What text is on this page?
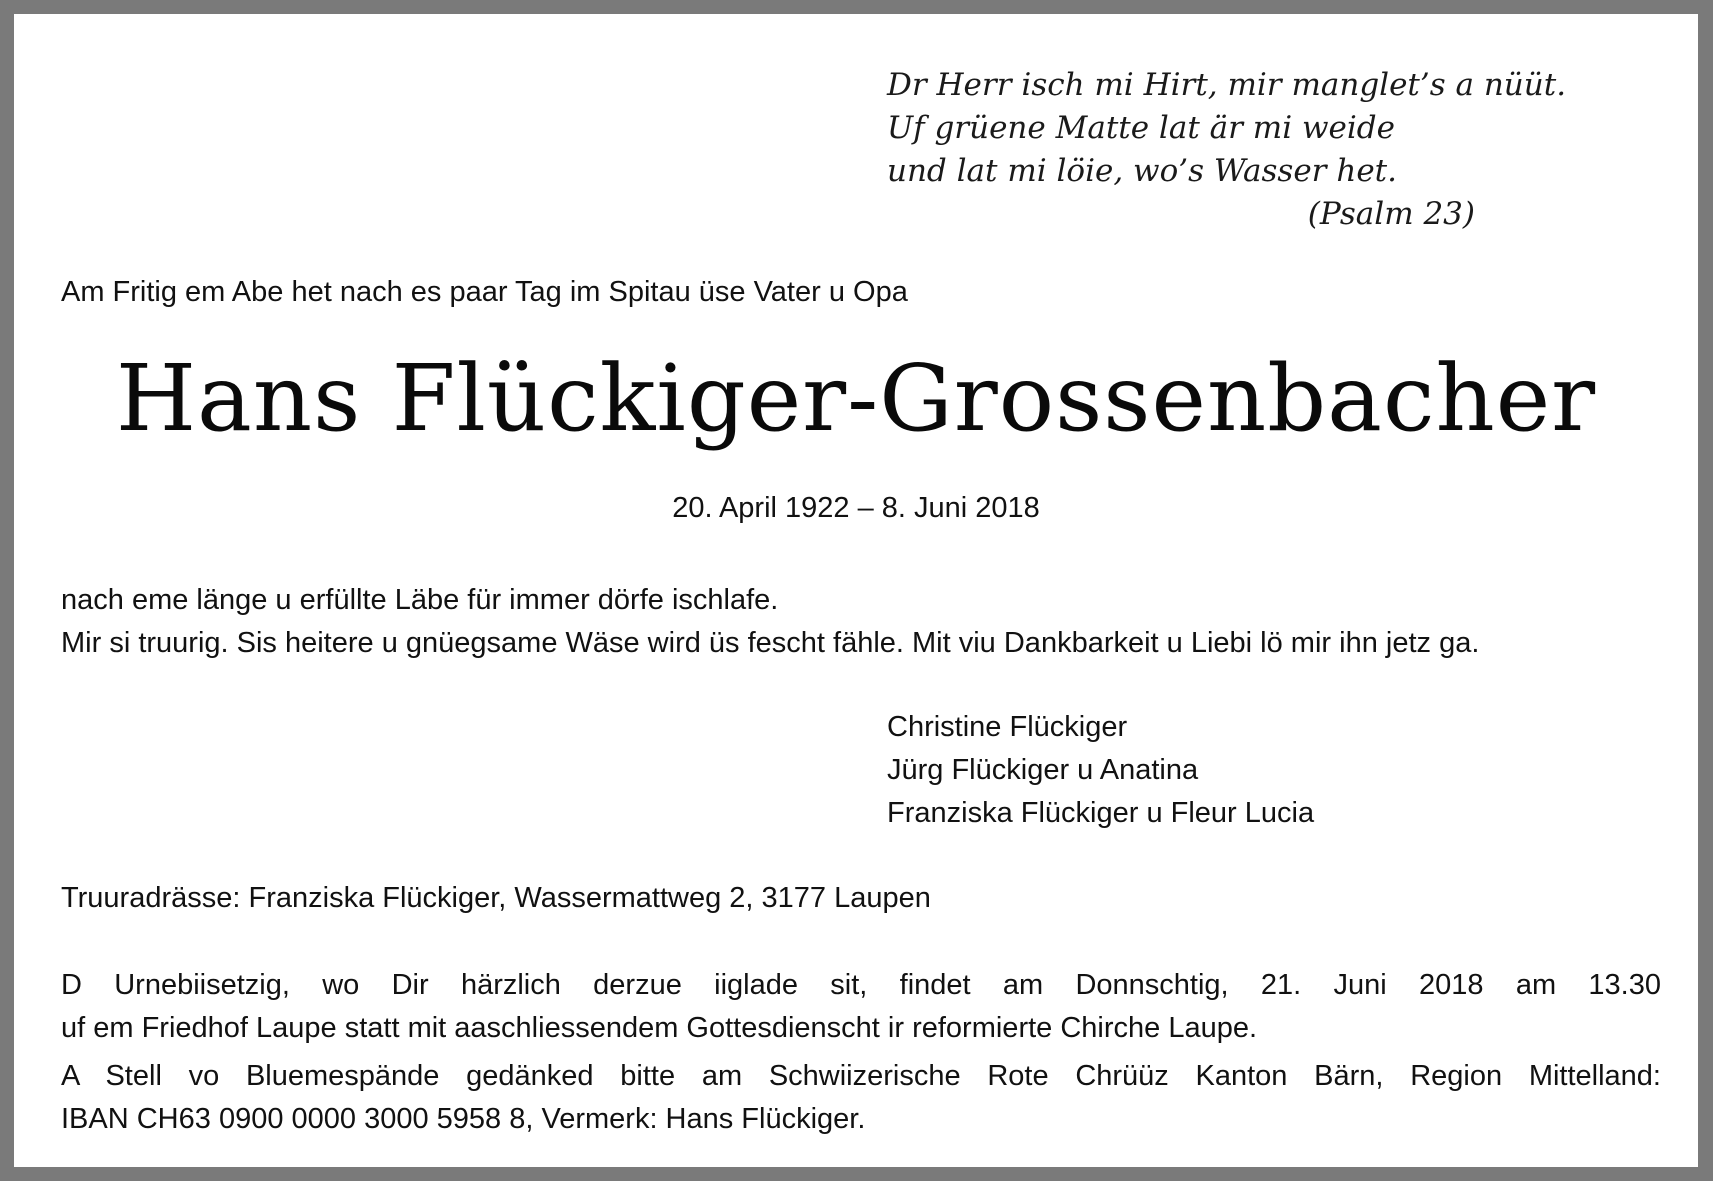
Dr Herr isch mi Hirt, mir manglet’s a nüüt.
Uf grüene Matte lat är mi weide
und lat mi löie, wo’s Wasser het.
(Psalm 23)
Am Fritig em Abe het nach es paar Tag im Spitau üse Vater u Opa
Hans Flückiger-Grossenbacher
20. April 1922 – 8. Juni 2018
nach eme länge u erfüllte Läbe für immer dörfe ischlafe.
Mir si truurig. Sis heitere u gnüegsame Wäse wird üs fescht fähle. Mit viu Dankbarkeit u Liebi lö mir ihn jetz ga.
Christine Flückiger
Jürg Flückiger u Anatina
Franziska Flückiger u Fleur Lucia
Truuradrässe: Franziska Flückiger, Wassermattweg 2, 3177 Laupen
D Urnebiisetzig, wo Dir härzlich derzue iiglade sit, findet am Donnschtig, 21. Juni 2018 am 13.30
uf em Friedhof Laupe statt mit aaschliessendem Gottesdienscht ir reformierte Chirche Laupe.
A Stell vo Bluemespände gedänked bitte am Schwiizerische Rote Chrüüz Kanton Bärn, Region Mittelland:
IBAN CH63 0900 0000 3000 5958 8, Vermerk: Hans Flückiger.
